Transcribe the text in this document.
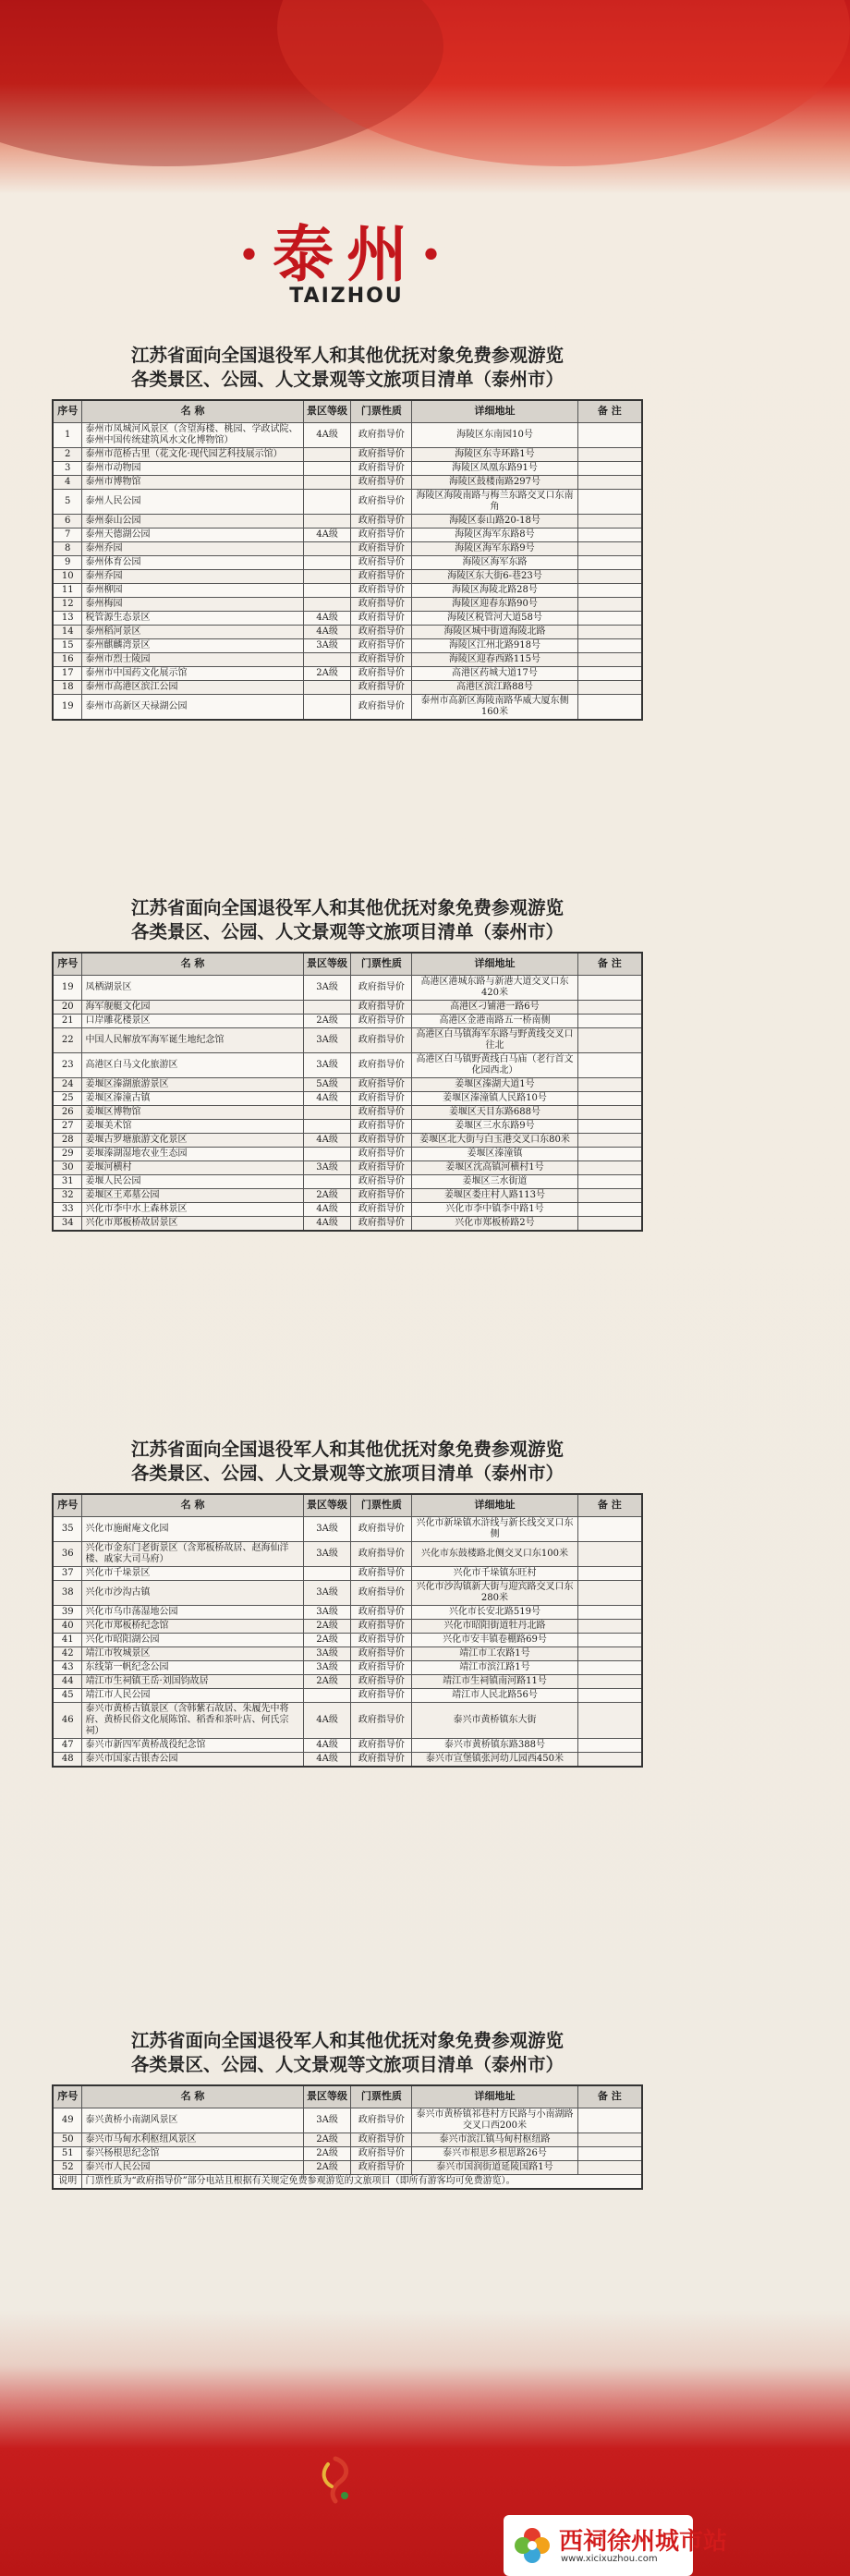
·泰州·
TAIZHOU
江苏省面向全国退役军人和其他优抚对象免费参观游览
各类景区、公园、人文景观等文旅项目清单（泰州市）
序号	名 称	景区等级	门票性质	详细地址	备 注
1	泰州市凤城河风景区（含望海楼、桃园、学政试院、泰州中国传统建筑风水文化博物馆）	4A级	政府指导价	海陵区东南园10号	
2	泰州市范桥古里（花文化·现代园艺科技展示馆）		政府指导价	海陵区东寺环路1号	
3	泰州市动物园		政府指导价	海陵区凤凰东路91号	
4	泰州市博物馆		政府指导价	海陵区鼓楼南路297号	
5	泰州人民公园		政府指导价	海陵区海陵南路与梅兰东路交叉口东南角	
6	泰州泰山公园		政府指导价	海陵区泰山路20-18号	
7	泰州天德湖公园	4A级	政府指导价	海陵区海军东路8号	
8	泰州乔园		政府指导价	海陵区海军东路9号	
9	泰州体育公园		政府指导价	海陵区海军东路	
10	泰州乔园		政府指导价	海陵区东大街6-巷23号	
11	泰州柳园		政府指导价	海陵区海陵北路28号	
12	泰州梅园		政府指导价	海陵区迎春东路90号	
13	税管源生态景区	4A级	政府指导价	海陵区税管河大道58号	
14	泰州稻河景区	4A级	政府指导价	海陵区城中街道海陵北路	
15	泰州麒麟湾景区	3A级	政府指导价	海陵区江州北路918号	
16	泰州市烈士陵园		政府指导价	海陵区迎春西路115号	
17	泰州市中国药文化展示馆	2A级	政府指导价	高港区药城大道17号	
18	泰州市高港区滨江公园		政府指导价	高港区滨江路88号	
19	泰州市高新区天禄湖公园		政府指导价	泰州市高新区海陵南路华威大厦东侧160米	
江苏省面向全国退役军人和其他优抚对象免费参观游览
各类景区、公园、人文景观等文旅项目清单（泰州市）
序号	名 称	景区等级	门票性质	详细地址	备 注
19	凤栖湖景区	3A级	政府指导价	高港区港城东路与新港大道交叉口东420米	
20	海军舰艇文化园		政府指导价	高港区刁铺港一路6号	
21	口岸雕花楼景区	2A级	政府指导价	高港区金港南路五一桥南侧	
22	中国人民解放军海军诞生地纪念馆	3A级	政府指导价	高港区白马镇海军东路与野黄线交叉口往北	
23	高港区白马文化旅游区	3A级	政府指导价	高港区白马镇野黄线白马庙（老行首文化园西北）	
24	姜堰区溱湖旅游景区	5A级	政府指导价	姜堰区溱湖大道1号	
25	姜堰区溱潼古镇	4A级	政府指导价	姜堰区溱潼镇人民路10号	
26	姜堰区博物馆		政府指导价	姜堰区天目东路688号	
27	姜堰美术馆		政府指导价	姜堰区三水东路9号	
28	姜堰古罗塘旅游文化景区	4A级	政府指导价	姜堰区北大街与白玉港交叉口东80米	
29	姜堰溱湖湿地农业生态园		政府指导价	姜堰区溱潼镇	
30	姜堰河横村	3A级	政府指导价	姜堰区沈高镇河横村1号	
31	姜堰人民公园		政府指导价	姜堰区三水街道	
32	姜堰区王邓墓公园	2A级	政府指导价	姜堰区娄庄村人路113号	
33	兴化市李中水上森林景区	4A级	政府指导价	兴化市李中镇李中路1号	
34	兴化市郑板桥故居景区	4A级	政府指导价	兴化市郑板桥路2号	
江苏省面向全国退役军人和其他优抚对象免费参观游览
各类景区、公园、人文景观等文旅项目清单（泰州市）
序号	名 称	景区等级	门票性质	详细地址	备 注
35	兴化市施耐庵文化园	3A级	政府指导价	兴化市新垛镇水浒线与新长线交叉口东侧	
36	兴化市金东门老街景区（含郑板桥故居、赵海仙洋楼、戚家大司马府）	3A级	政府指导价	兴化市东鼓楼路北侧交叉口东100米	
37	兴化市千垛景区		政府指导价	兴化市千垛镇东旺村	
38	兴化市沙沟古镇	3A级	政府指导价	兴化市沙沟镇新大街与迎宾路交叉口东280米	
39	兴化市乌巾荡湿地公园	3A级	政府指导价	兴化市长安北路519号	
40	兴化市郑板桥纪念馆	2A级	政府指导价	兴化市昭阳街道牡丹北路	
41	兴化市昭阳湖公园	2A级	政府指导价	兴化市安丰镇卷棚路69号	
42	靖江市牧城景区	3A级	政府指导价	靖江市工农路1号	
43	东线第一帆纪念公园	3A级	政府指导价	靖江市滨江路1号	
44	靖江市生祠镇王岳·刘国钧故居	2A级	政府指导价	靖江市生祠镇南河路11号	
45	靖江市人民公园		政府指导价	靖江市人民北路56号	
46	泰兴市黄桥古镇景区（含韩紫石故居、朱履先中将府、黄桥民俗文化展陈馆、稻香和茶叶店、何氏宗祠）	4A级	政府指导价	泰兴市黄桥镇东大街	
47	泰兴市新四军黄桥战役纪念馆	4A级	政府指导价	泰兴市黄桥镇东路388号	
48	泰兴市国家古银杏公园	4A级	政府指导价	泰兴市宣堡镇张河幼儿园西450米	
江苏省面向全国退役军人和其他优抚对象免费参观游览
各类景区、公园、人文景观等文旅项目清单（泰州市）
序号	名 称	景区等级	门票性质	详细地址	备 注
49	泰兴黄桥小南湖风景区	3A级	政府指导价	泰兴市黄桥镇祁巷村方民路与小南湖路交叉口西200米	
50	泰兴市马甸水利枢纽风景区	2A级	政府指导价	泰兴市滨江镇马甸村枢纽路	
51	泰兴杨根思纪念馆	2A级	政府指导价	泰兴市根思乡根思路26号	
52	泰兴市人民公园	2A级	政府指导价	泰兴市国润街道延陵国路1号	
说明	门票性质为“政府指导价”部分电站且根据有关规定免费参观游览的文旅项目（即所有游客均可免费游览）。				
西祠徐州城市站
www.xicixuzhou.com
